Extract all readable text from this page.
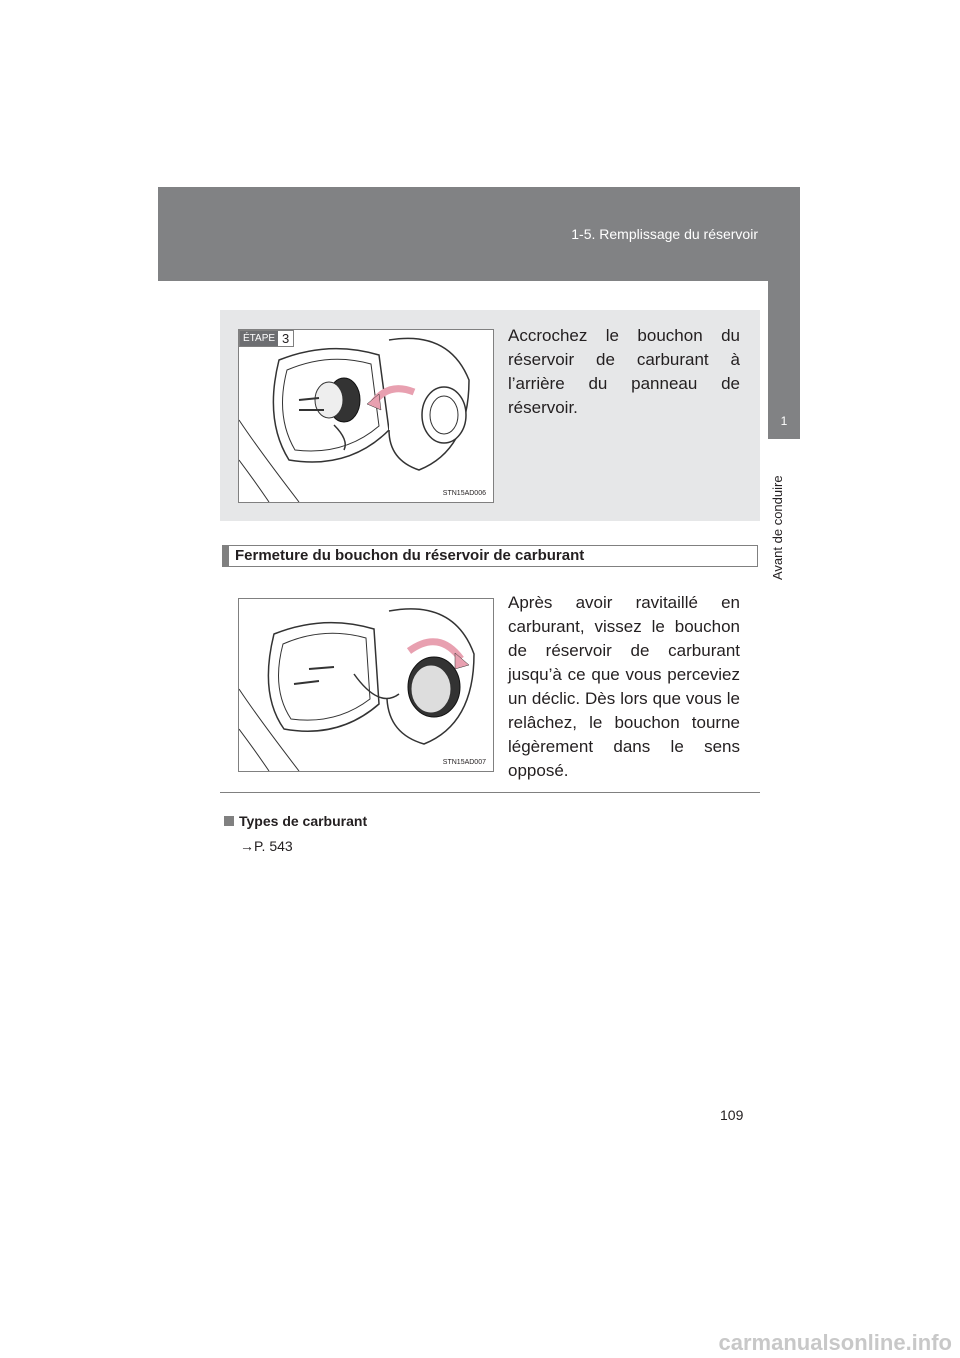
1-5. Remplissage du réservoir
1
Avant de conduire
ÉTAPE 3
STN15AD006
Accrochez le bouchon du réservoir de carburant à l’arrière du panneau de réservoir.
Fermeture du bouchon du réservoir de carburant
STN15AD007
Après avoir ravitaillé en carburant, vissez le bouchon de réservoir de carburant jusqu’à ce que vous perceviez un déclic. Dès lors que vous le relâchez, le bouchon tourne légèrement dans le sens opposé.
Types de carburant
→P. 543
109
carmanualsonline.info
